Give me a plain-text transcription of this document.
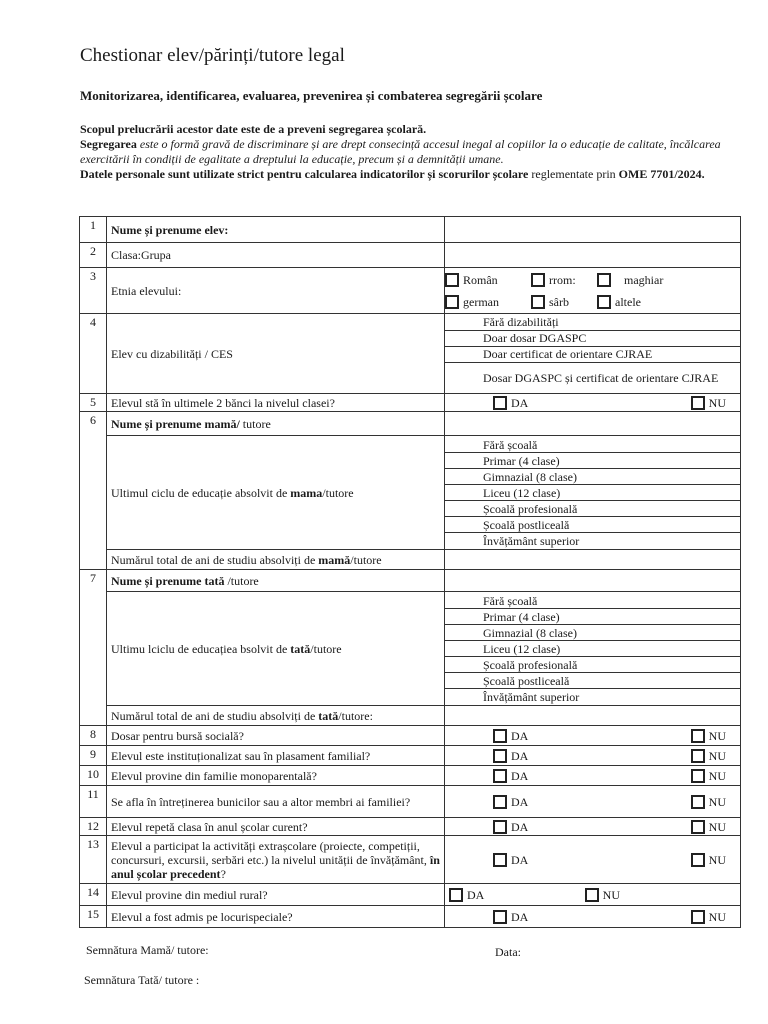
Chestionar elev/părinți/tutore legal
Monitorizarea, identificarea, evaluarea, prevenirea și combaterea segregării școlare

Scopul prelucrării acestor date este de a preveni segregarea școlară.

Segregarea este o formă gravă de discriminare și are drept consecință accesul inegal al copiilor la o educație de calitate, încălcarea exercitării în condiții de egalitate a dreptului la educație, precum și a demnității umane.

Datele personale sunt utilizate strict pentru calcularea indicatorilor și scorurilor școlare reglementate prin OME 7701/2024.

1	Nume și prenume elev:	
2	Clasa:Grupa	
3	Etnia elevului:	
Român	rrom:	maghiar
german	sârb	altele

4	Elev cu dizabilități / CES	
Fără dizabilități
Doar dosar DGASPC
Doar certificat de orientare CJRAE
Dosar DGASPC și certificat de orientare CJRAE

5	Elevul stă în ultimele 2 bănci la nivelul clasei?	DA	NU

6	Nume și prenume mamă/ tutore	
Ultimul ciclu de educație absolvit de mama/tutore	
Fără școală
Primar (4 clase)
Gimnazial (8 clase)
Liceu (12 clase)
Școală profesională
Școală postliceală
Învățământ superior

Numărul total de ani de studiu absolviți de mamă/tutore	
7	Nume și prenume tată /tutore	
Ultimu lciclu de educațiea bsolvit de tată/tutore	
Fără școală
Primar (4 clase)
Gimnazial (8 clase)
Liceu (12 clase)
Școală profesională
Școală postliceală
Învățământ superior

Numărul total de ani de studiu absolviți de tată/tutore:	
8	Dosar pentru bursă socială?	DA	NU

9	Elevul este instituționalizat sau în plasament familial?	DA	NU

10	Elevul provine din familie monoparentală?	DA	NU

11	Se afla în întreținerea bunicilor sau a altor membri ai familiei?	DA	NU

12	Elevul repetă clasa în anul școlar curent?	DA	NU

13	Elevul a participat la activități extrașcolare (proiecte, competiții, concursuri, excursii, serbări etc.) la nivelul unității de învățământ, în anul școlar precedent?	
DA	NU

14	Elevul provine din mediul rural?	DA	NU

15	Elevul a fost admis pe locurispeciale?	DA	NU
Semnătura Mamă/ tutore:	Data:
Semnătura Tată/ tutore :
